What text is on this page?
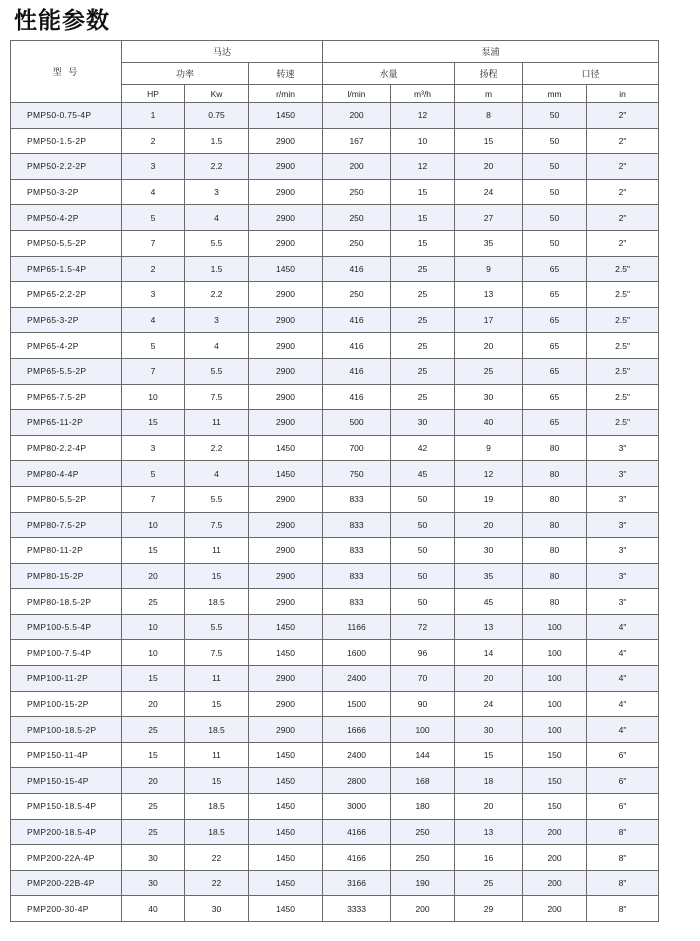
性能参数
型 号	马达			泵浦				
	功率		转速	水量		扬程	口径	
	HP	Kw	r/min	l/min	m³/h	m	mm	in
PMP50-0.75-4P	1	0.75	1450	200	12	8	50	2"
PMP50-1.5-2P	2	1.5	2900	167	10	15	50	2"
PMP50-2.2-2P	3	2.2	2900	200	12	20	50	2"
PMP50-3-2P	4	3	2900	250	15	24	50	2"
PMP50-4-2P	5	4	2900	250	15	27	50	2"
PMP50-5.5-2P	7	5.5	2900	250	15	35	50	2"
PMP65-1.5-4P	2	1.5	1450	416	25	9	65	2.5"
PMP65-2.2-2P	3	2.2	2900	250	25	13	65	2.5"
PMP65-3-2P	4	3	2900	416	25	17	65	2.5"
PMP65-4-2P	5	4	2900	416	25	20	65	2.5"
PMP65-5.5-2P	7	5.5	2900	416	25	25	65	2.5"
PMP65-7.5-2P	10	7.5	2900	416	25	30	65	2.5"
PMP65-11-2P	15	11	2900	500	30	40	65	2.5"
PMP80-2.2-4P	3	2.2	1450	700	42	9	80	3"
PMP80-4-4P	5	4	1450	750	45	12	80	3"
PMP80-5.5-2P	7	5.5	2900	833	50	19	80	3"
PMP80-7.5-2P	10	7.5	2900	833	50	20	80	3"
PMP80-11-2P	15	11	2900	833	50	30	80	3"
PMP80-15-2P	20	15	2900	833	50	35	80	3"
PMP80-18.5-2P	25	18.5	2900	833	50	45	80	3"
PMP100-5.5-4P	10	5.5	1450	1166	72	13	100	4"
PMP100-7.5-4P	10	7.5	1450	1600	96	14	100	4"
PMP100-11-2P	15	11	2900	2400	70	20	100	4"
PMP100-15-2P	20	15	2900	1500	90	24	100	4"
PMP100-18.5-2P	25	18.5	2900	1666	100	30	100	4"
PMP150-11-4P	15	11	1450	2400	144	15	150	6"
PMP150-15-4P	20	15	1450	2800	168	18	150	6"
PMP150-18.5-4P	25	18.5	1450	3000	180	20	150	6"
PMP200-18.5-4P	25	18.5	1450	4166	250	13	200	8"
PMP200-22A-4P	30	22	1450	4166	250	16	200	8"
PMP200-22B-4P	30	22	1450	3166	190	25	200	8"
PMP200-30-4P	40	30	1450	3333	200	29	200	8"
